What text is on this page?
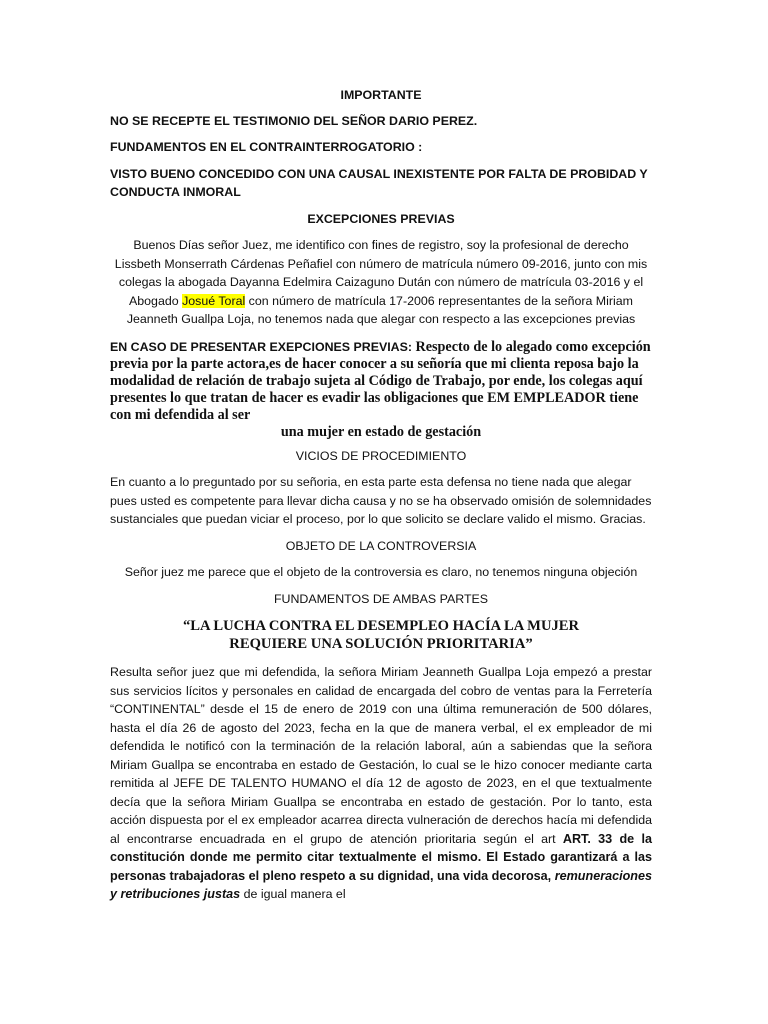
IMPORTANTE

NO SE RECEPTE EL TESTIMONIO DEL SEÑOR DARIO PEREZ.

FUNDAMENTOS EN EL CONTRAINTERROGATORIO :

VISTO BUENO CONCEDIDO CON UNA CAUSAL INEXISTENTE POR FALTA DE PROBIDAD Y CONDUCTA INMORAL

EXCEPCIONES PREVIAS

Buenos Días señor Juez, me identifico con fines de registro, soy la profesional de derecho Lissbeth Monserrath Cárdenas Peñafiel con número de matrícula número 09-2016, junto con mis colegas la abogada Dayanna Edelmira Caizaguno Dután con número de matrícula 03-2016 y el Abogado Josué Toral con número de matrícula 17-2006 representantes de la señora Miriam Jeanneth Guallpa Loja, no tenemos nada que alegar con respecto a las excepciones previas

EN CASO DE PRESENTAR EXEPCIONES PREVIAS: Respecto de lo alegado como excepción previa por la parte actora,es de hacer conocer a su señoría que mi clienta reposa bajo la modalidad de relación de trabajo sujeta al Código de Trabajo, por ende, los colegas aquí presentes lo que tratan de hacer es evadir las obligaciones que EM EMPLEADOR tiene con mi defendida al ser

una mujer en estado de gestación

VICIOS DE PROCEDIMIENTO

En cuanto a lo preguntado por su señoria, en esta parte esta defensa no tiene nada que alegar pues usted es competente para llevar dicha causa y no se ha observado omisión de solemnidades sustanciales que puedan viciar el proceso, por lo que solicito se declare valido el mismo. Gracias.

OBJETO DE LA CONTROVERSIA

Señor juez me parece que el objeto de la controversia es claro, no tenemos ninguna objeción

FUNDAMENTOS DE AMBAS PARTES

“LA LUCHA CONTRA EL DESEMPLEO HACÍA LA MUJER

REQUIERE UNA SOLUCIÓN PRIORITARIA”

Resulta señor juez que mi defendida, la señora Miriam Jeanneth Guallpa Loja empezó a prestar sus servicios lícitos y personales en calidad de encargada del cobro de ventas para la Ferretería “CONTINENTAL” desde el 15 de enero de 2019 con una última remuneración de 500 dólares, hasta el día 26 de agosto del 2023, fecha en la que de manera verbal, el ex empleador de mi defendida le notificó con la terminación de la relación laboral, aún a sabiendas que la señora Miriam Guallpa se encontraba en estado de Gestación, lo cual se le hizo conocer mediante carta remitida al JEFE DE TALENTO HUMANO el día 12 de agosto de 2023, en el que textualmente decía que la señora Miriam Guallpa se encontraba en estado de gestación. Por lo tanto, esta acción dispuesta por el ex empleador acarrea directa vulneración de derechos hacía mi defendida al encontrarse encuadrada en el grupo de atención prioritaria según el art ART. 33 de la constitución donde me permito citar textualmente el mismo. El Estado garantizará a las personas trabajadoras el pleno respeto a su dignidad, una vida decorosa, remuneraciones y retribuciones justas de igual manera el
